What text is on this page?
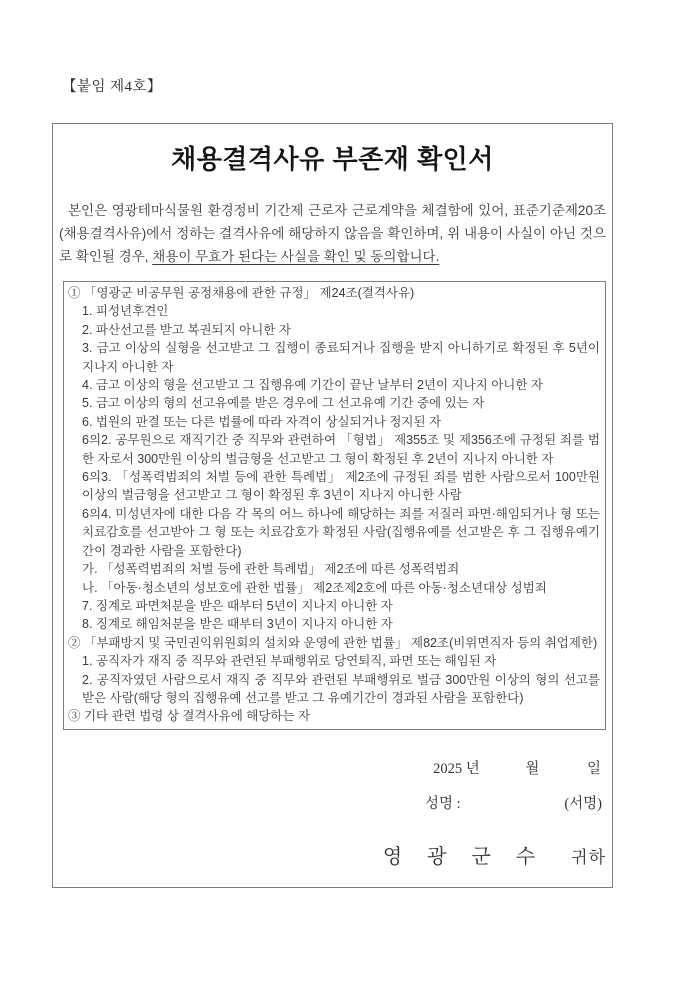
【붙임 제4호】
채용결격사유 부존재 확인서

본인은 영광테마식물원 환경정비 기간제 근로자 근로계약을 체결함에 있어, 표준기준제20조(채용결격사유)에서 정하는 결격사유에 해당하지 않음을 확인하며, 위 내용이 사실이 아닌 것으로 확인될 경우, 채용이 무효가 된다는 사실을 확인 및 동의합니다.

① 「영광군 비공무원 공정채용에 관한 규정」 제24조(결격사유)
1. 피성년후견인
2. 파산선고를 받고 복권되지 아니한 자
3. 금고 이상의 실형을 선고받고 그 집행이 종료되거나 집행을 받지 아니하기로 확정된 후 5년이 지나지 아니한 자
4. 금고 이상의 형을 선고받고 그 집행유예 기간이 끝난 날부터 2년이 지나지 아니한 자
5. 금고 이상의 형의 선고유예를 받은 경우에 그 선고유예 기간 중에 있는 자
6. 법원의 판결 또는 다른 법률에 따라 자격이 상실되거나 정지된 자
6의2. 공무원으로 재직기간 중 직무와 관련하여 「형법」 제355조 및 제356조에 규정된 죄를 범한 자로서 300만원 이상의 벌금형을 선고받고 그 형이 확정된 후 2년이 지나지 아니한 자
6의3. 「성폭력범죄의 처벌 등에 관한 특례법」 제2조에 규정된 죄를 범한 사람으로서 100만원 이상의 벌금형을 선고받고 그 형이 확정된 후 3년이 지나지 아니한 사람
6의4. 미성년자에 대한 다음 각 목의 어느 하나에 해당하는 죄를 저질러 파면·해임되거나 형 또는 치료감호를 선고받아 그 형 또는 치료감호가 확정된 사람(집행유예를 선고받은 후 그 집행유예기간이 경과한 사람을 포함한다)
가. 「성폭력범죄의 처벌 등에 관한 특례법」 제2조에 따른 성폭력범죄
나. 「아동·청소년의 성보호에 관한 법률」 제2조제2호에 따른 아동·청소년대상 성범죄
7. 징계로 파면처분을 받은 때부터 5년이 지나지 아니한 자
8. 징계로 해임처분을 받은 때부터 3년이 지나지 아니한 자
② 「부패방지 및 국민권익위원회의 설치와 운영에 관한 법률」 제82조(비위면직자 등의 취업제한)
1. 공직자가 재직 중 직무와 관련된 부패행위로 당연퇴직, 파면 또는 해임된 자
2. 공직자였던 사람으로서 재직 중 직무와 관련된 부패행위로 벌금 300만원 이상의 형의 선고를 받은 사람(해당 형의 집행유예 선고를 받고 그 유예기간이 경과된 사람을 포함한다)
③ 기타 관련 법령 상 결격사유에 해당하는 자
2025 년	월	일
성명 :	(서명)
영 광 군 수 귀하
